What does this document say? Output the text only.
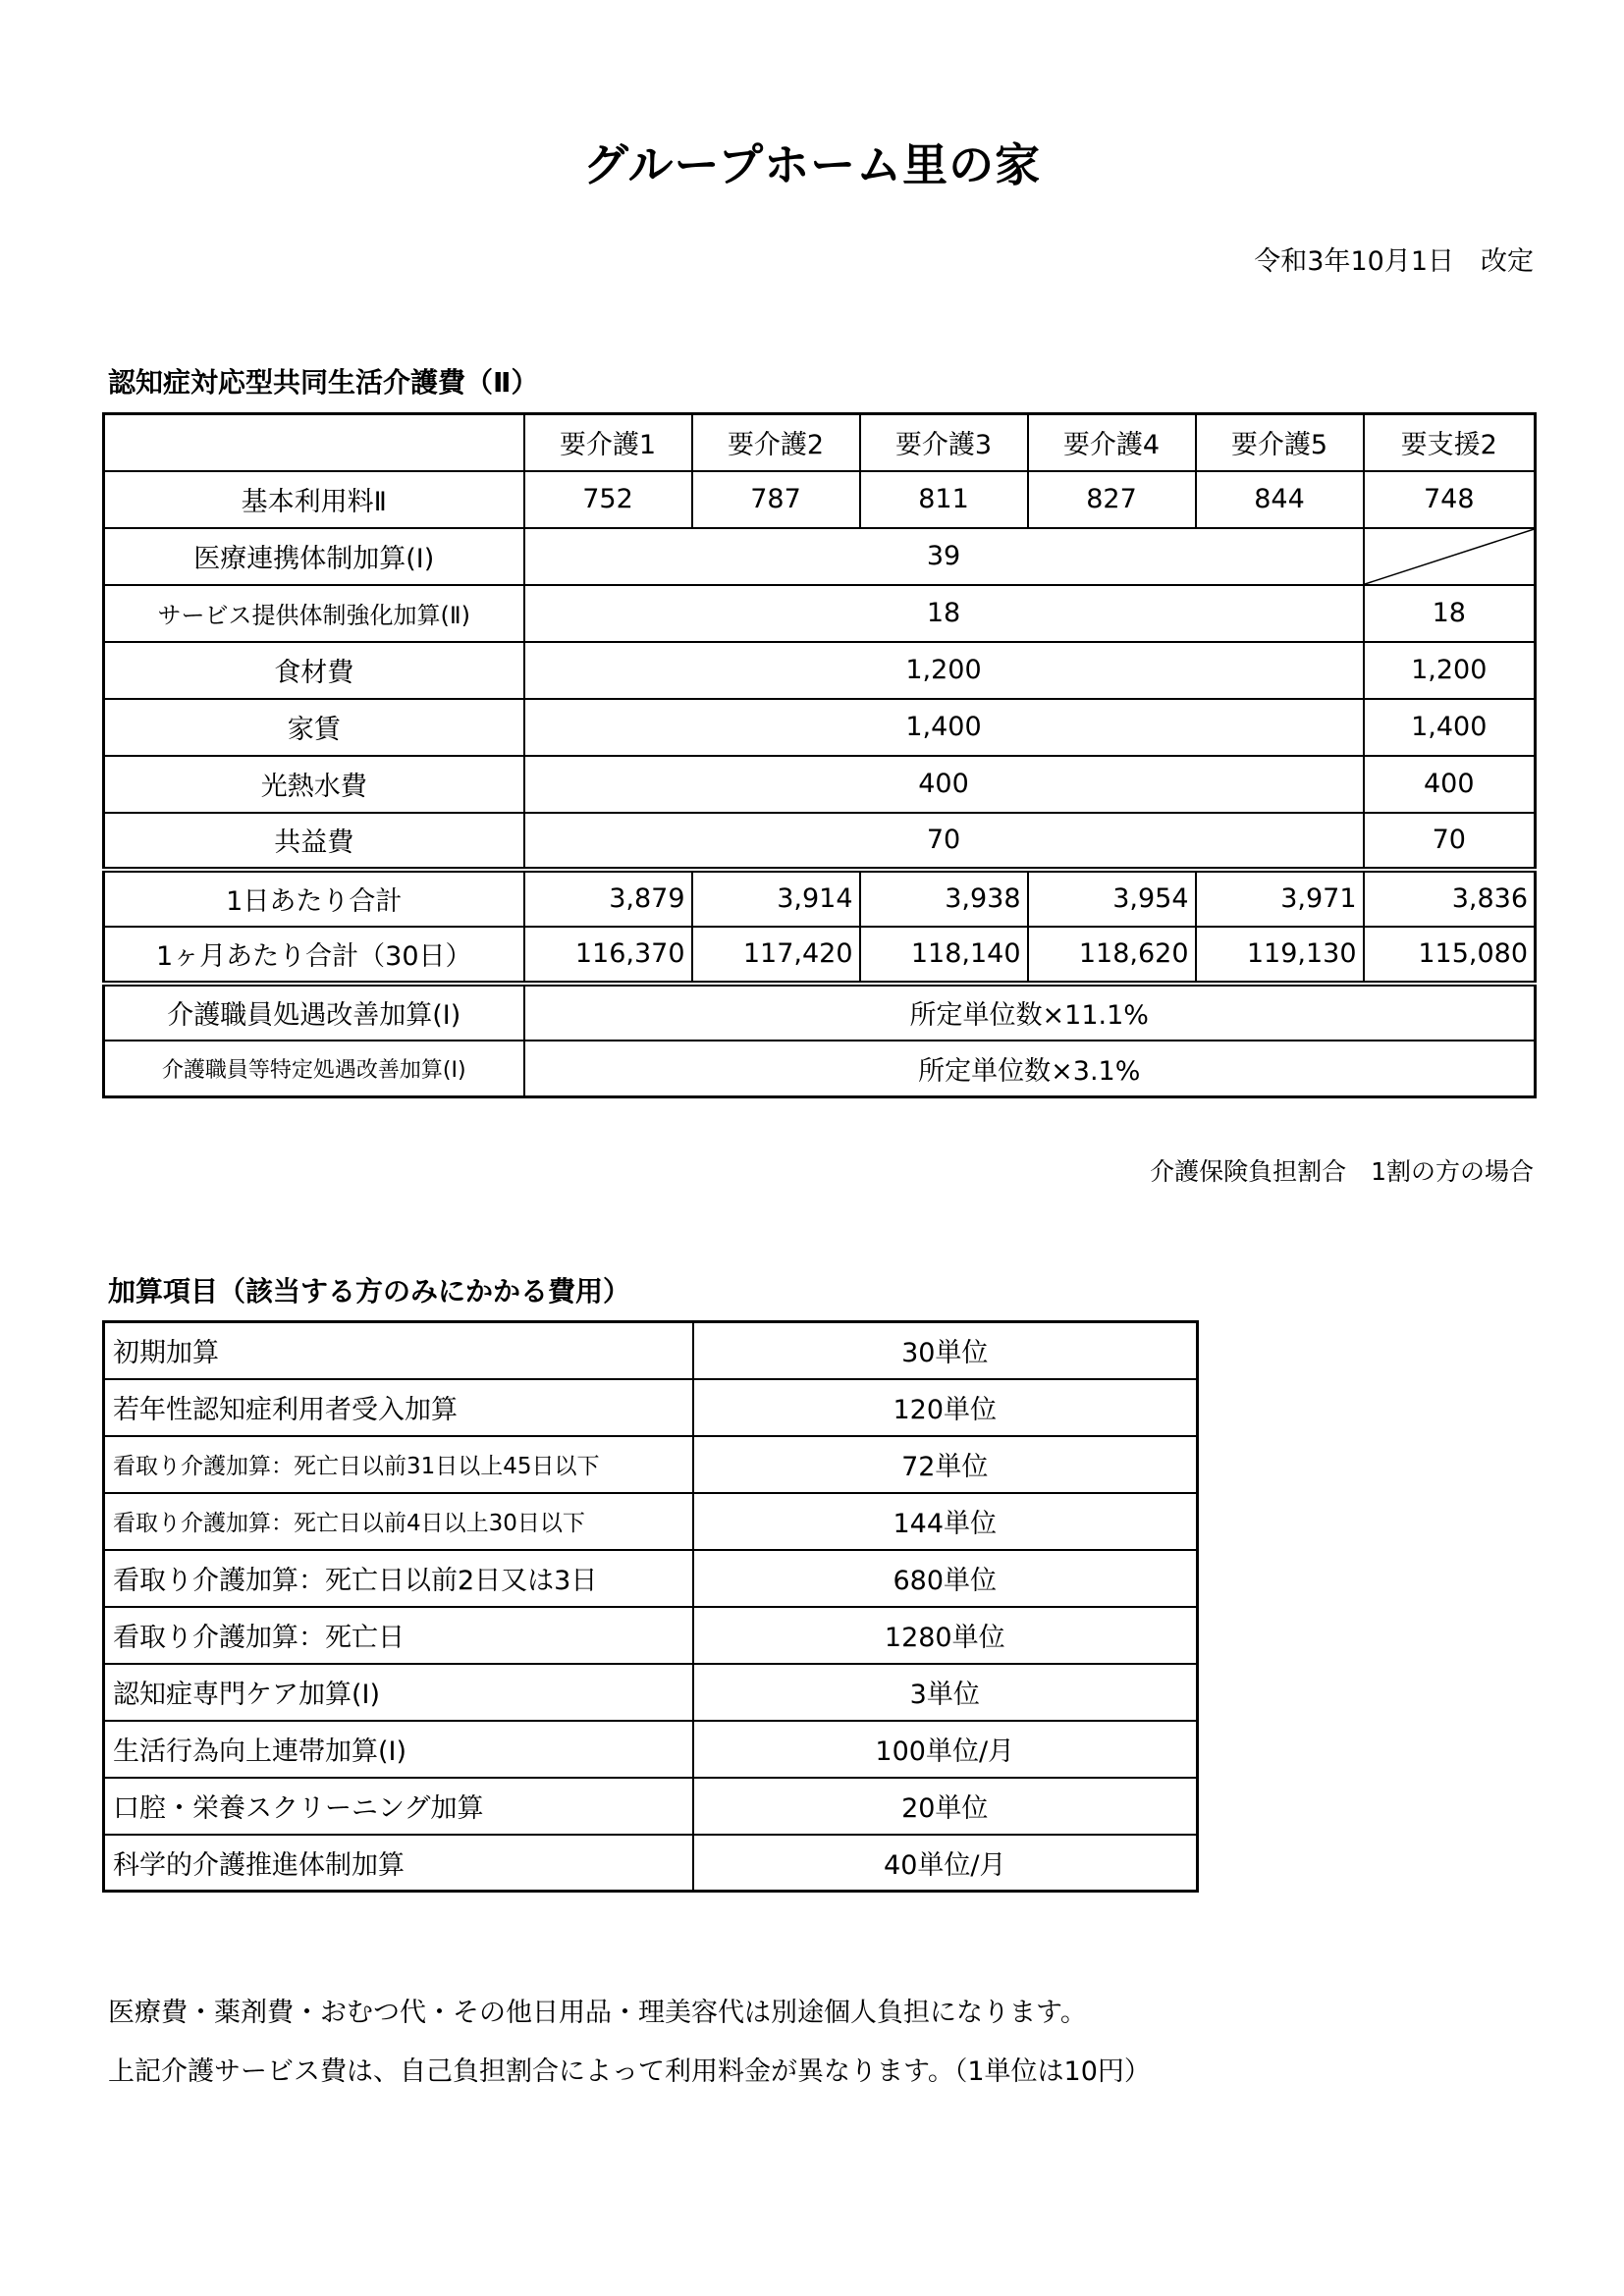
グループホーム里の家
令和3年10月1日　改定
認知症対応型共同生活介護費（Ⅱ）
	要介護1	要介護2	要介護3	要介護4	要介護5	要支援2
基本利用料Ⅱ	752	787	811	827	844	748
医療連携体制加算(Ⅰ)	39	

サービス提供体制強化加算(Ⅱ)	18					18
食材費	1,200					1,200
家賃	1,400					1,400
光熱水費	400					400
共益費	70					70
1日あたり合計	3,879	3,914	3,938	3,954	3,971	3,836
1ヶ月あたり合計（30日）	116,370	117,420	118,140	118,620	119,130	115,080
介護職員処遇改善加算(Ⅰ)	所定単位数×11.1%					
介護職員等特定処遇改善加算(Ⅰ)	所定単位数×3.1%					
介護保険負担割合　1割の方の場合
加算項目（該当する方のみにかかる費用）
初期加算	30単位
若年性認知症利用者受入加算	120単位
看取り介護加算：死亡日以前31日以上45日以下	72単位
看取り介護加算：死亡日以前4日以上30日以下	144単位
看取り介護加算：死亡日以前2日又は3日	680単位
看取り介護加算：死亡日	1280単位
認知症専門ケア加算(Ⅰ)	3単位
生活行為向上連帯加算(Ⅰ)	100単位/月
口腔・栄養スクリーニング加算	20単位
科学的介護推進体制加算	40単位/月
医療費・薬剤費・おむつ代・その他日用品・理美容代は別途個人負担になります。
上記介護サービス費は、自己負担割合によって利用料金が異なります。（1単位は10円）
